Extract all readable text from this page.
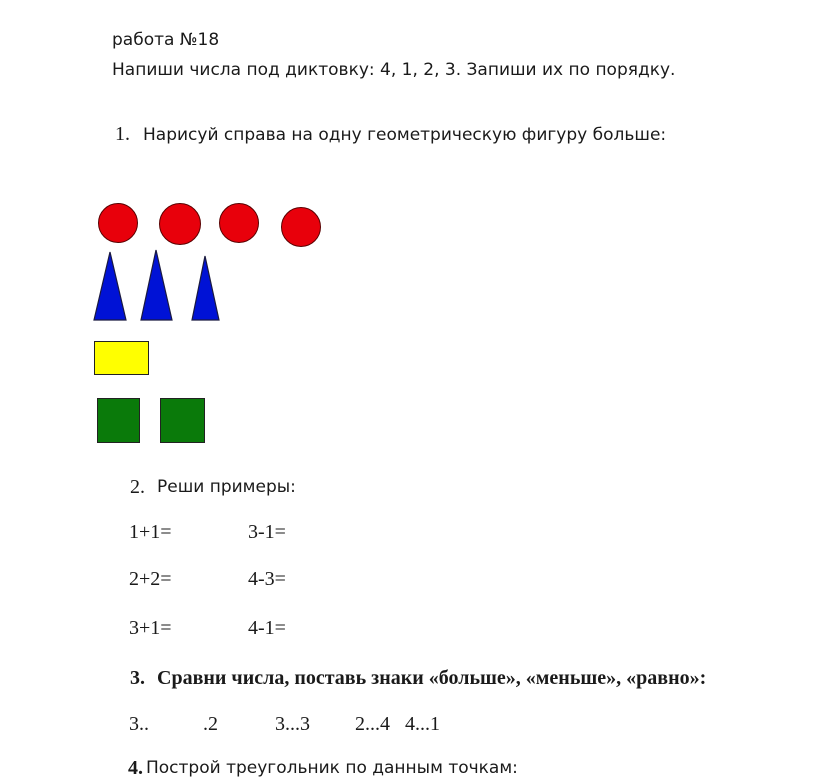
работа №18
Напиши числа под диктовку: 4, 1, 2, 3. Запиши их по порядку.
1. Нарисуй справа на одну геометрическую фигуру больше:
2. Реши примеры:
1+1=	3-1=
2+2=	4-3=
3+1=	4-1=
3. Сравни числа, поставь знаки «больше», «меньше», «равно»:
3..	.2	3...3 2...4 4...1
4. Построй треугольник по данным точкам:
